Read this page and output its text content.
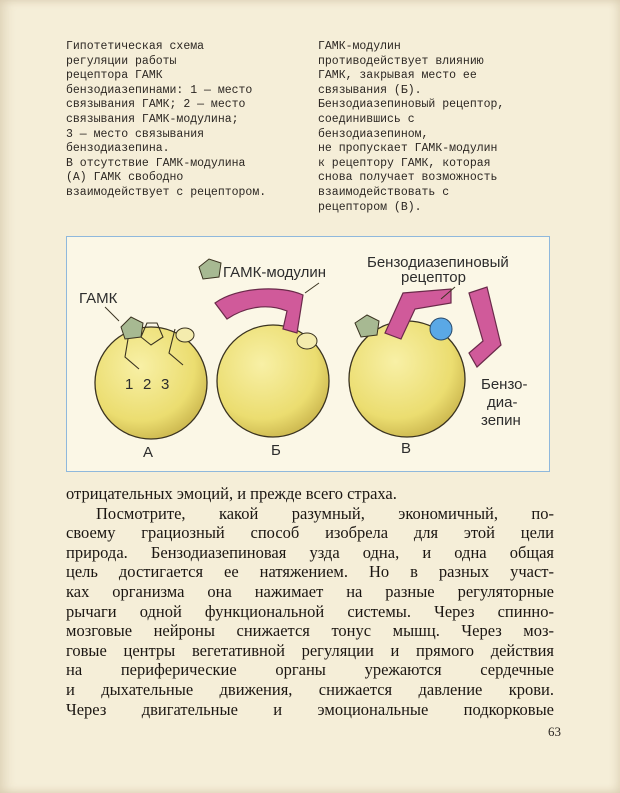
Гипотетическая схема
регуляции работы
рецептора ГАМК
бензодиазепинами: 1 — место
связывания ГАМК; 2 — место
связывания ГАМК-модулина;
3 — место связывания
бензодиазепина.
В отсутствие ГАМК-модулина
(А) ГАМК свободно
взаимодействует с рецептором.

ГАМК-модулин
противодействует влиянию
ГАМК, закрывая место ее
связывания (Б).
Бензодиазепиновый рецептор,
соединившись с
бензодиазепином,
не пропускает ГАМК-модулин
к рецептору ГАМК, которая
снова получает возможность
взаимодействовать с
рецептором (В).

ГАМК
1 2 3
А
ГАМК-модулин
Б
Бензодиазепиновый
рецептор
Бензо-
диа-
зепин
В
отрицательных эмоций, и прежде всего страха.
Посмотрите, какой разумный, экономичный, по-
своему грациозный способ изобрела для этой цели
природа. Бензодиазепиновая узда одна, и одна общая
цель достигается ее натяжением. Но в разных участ-
ках организма она нажимает на разные регуляторные
рычаги одной функциональной системы. Через спинно-
мозговые нейроны снижается тонус мышц. Через моз-
говые центры вегетативной регуляции и прямого действия
на периферические органы урежаются сердечные
и дыхательные движения, снижается давление крови.
Через двигательные и эмоциональные подкорковые
63
